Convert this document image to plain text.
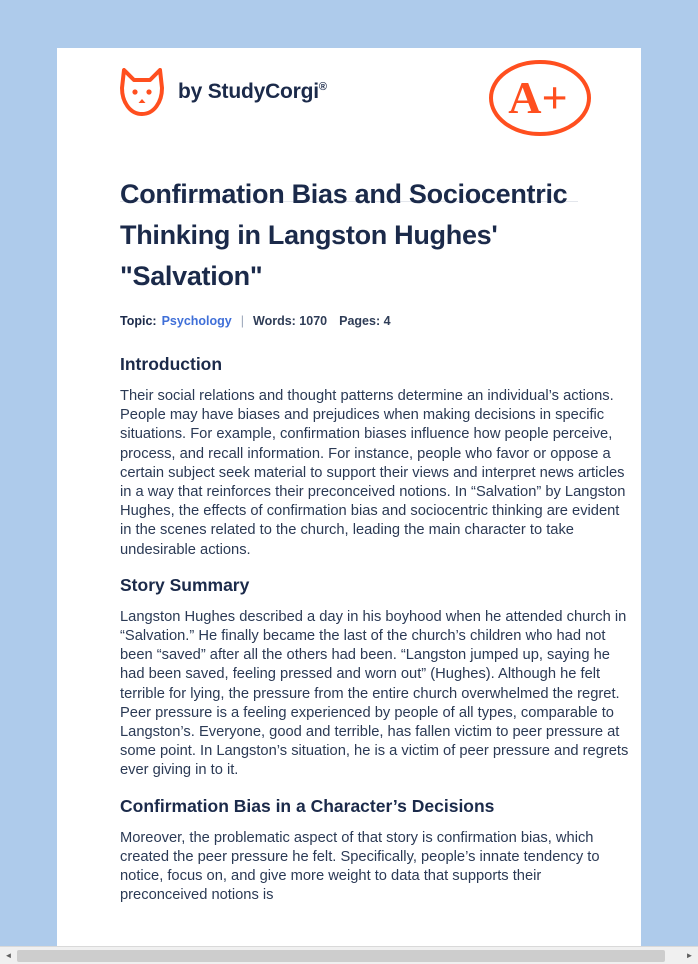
by StudyCorgi®	A+
Confirmation Bias and Sociocentric Thinking in Langston Hughes' "Salvation"
Topic: Psychology | Words: 1070 Pages: 4
Introduction

Their social relations and thought patterns determine an individual’s actions. People may have biases and prejudices when making decisions in specific situations. For example, confirmation biases influence how people perceive, process, and recall information. For instance, people who favor or oppose a certain subject seek material to support their views and interpret news articles in a way that reinforces their preconceived notions. In “Salvation” by Langston Hughes, the effects of confirmation bias and sociocentric thinking are evident in the scenes related to the church, leading the main character to take undesirable actions.

Story Summary

Langston Hughes described a day in his boyhood when he attended church in “Salvation.” He finally became the last of the church’s children who had not been “saved” after all the others had been. “Langston jumped up, saying he had been saved, feeling pressed and worn out” (Hughes). Although he felt terrible for lying, the pressure from the entire church overwhelmed the regret. Peer pressure is a feeling experienced by people of all types, comparable to Langston’s. Everyone, good and terrible, has fallen victim to peer pressure at some point. In Langston’s situation, he is a victim of peer pressure and regrets ever giving in to it.

Confirmation Bias in a Character’s Decisions

Moreover, the problematic aspect of that story is confirmation bias, which created the peer pressure he felt. Specifically, people’s innate tendency to notice, focus on, and give more weight to data that supports their preconceived notions is

◄	►
